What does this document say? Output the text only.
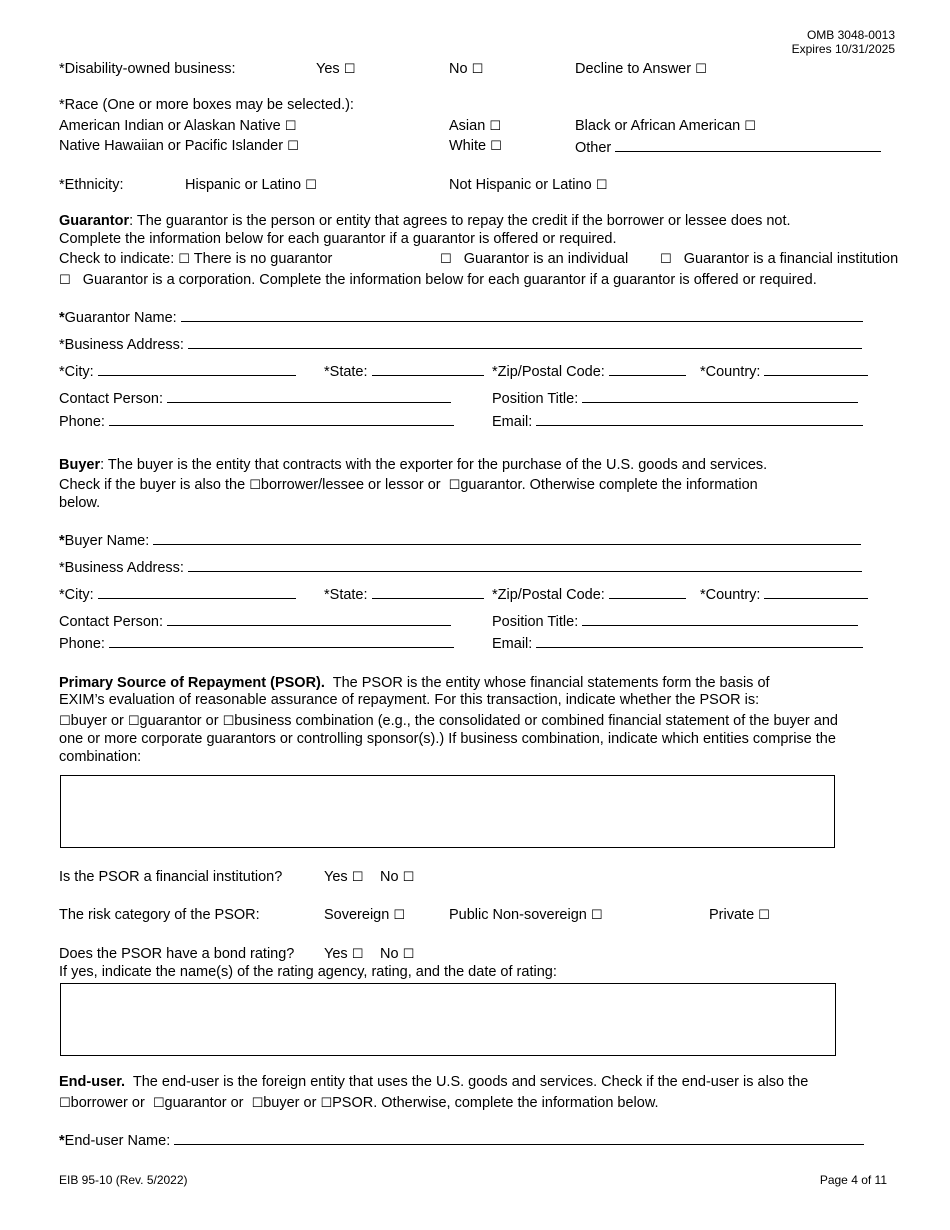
OMB 3048-0013
Expires 10/31/2025
*Disability-owned business:	Yes ☐	No ☐	Decline to Answer ☐
*Race (One or more boxes may be selected.):
American Indian or Alaskan Native ☐	Asian ☐	Black or African American ☐
Native Hawaiian or Pacific Islander ☐	White ☐	Other
*Ethnicity:	Hispanic or Latino ☐	Not Hispanic or Latino ☐
Guarantor: The guarantor is the person or entity that agrees to repay the credit if the borrower or lessee does not.
Complete the information below for each guarantor if a guarantor is offered or required.
Check to indicate: ☐ There is no guarantor	☐ Guarantor is an individual ☐ Guarantor is a financial institution
☐ Guarantor is a corporation. Complete the information below for each guarantor if a guarantor is offered or required.
*Guarantor Name:
*Business Address:
*City:	*State:	*Zip/Postal Code:	*Country:
Contact Person:	Position Title:
Phone:	Email:
Buyer: The buyer is the entity that contracts with the exporter for the purchase of the U.S. goods and services.
Check if the buyer is also the ☐borrower/lessee or lessor or ☐guarantor. Otherwise complete the information
below.
*Buyer Name:
*Business Address:
*City:	*State:	*Zip/Postal Code:	*Country:
Contact Person:	Position Title:
Phone:	Email:
Primary Source of Repayment (PSOR). The PSOR is the entity whose financial statements form the basis of
EXIM’s evaluation of reasonable assurance of repayment. For this transaction, indicate whether the PSOR is:
☐buyer or ☐guarantor or ☐business combination (e.g., the consolidated or combined financial statement of the buyer and
one or more corporate guarantors or controlling sponsor(s).) If business combination, indicate which entities comprise the
combination:
Is the PSOR a financial institution?	Yes ☐ No ☐
The risk category of the PSOR:	Sovereign ☐	Public Non-sovereign ☐	Private ☐
Does the PSOR have a bond rating? Yes ☐ No ☐
If yes, indicate the name(s) of the rating agency, rating, and the date of rating:
End-user. The end-user is the foreign entity that uses the U.S. goods and services. Check if the end-user is also the
☐borrower or ☐guarantor or ☐buyer or ☐PSOR. Otherwise, complete the information below.
*End-user Name:
EIB 95-10 (Rev. 5/2022)	Page 4 of 11
